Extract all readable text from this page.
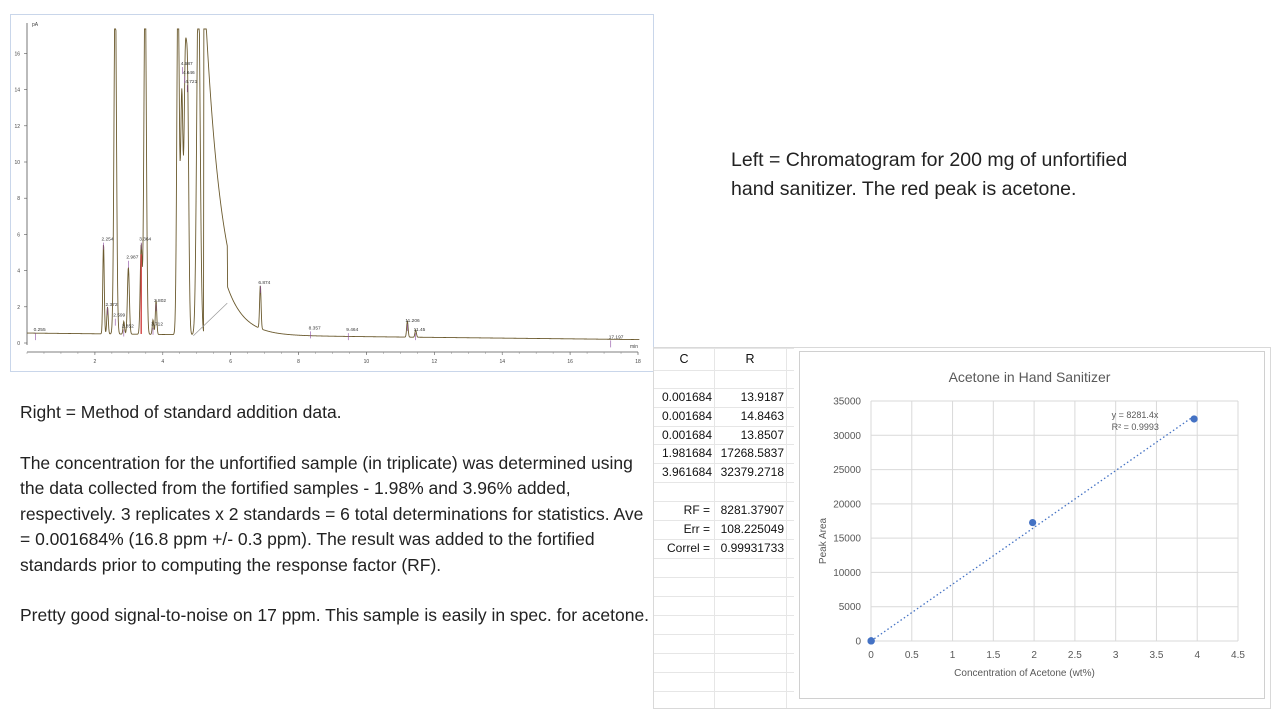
pA
min
16
14
12
10
8
6
4
2
0
2	4	6	8	10	12	14	16	18
0.255
2.254
2.372
2.599
2.852
2.987
3.364
3.712
3.802
4.587
4.646
4.721
6.874
8.357	9.464
11.206
11.45
17.197
Left = Chromatogram for 200 mg of unfortified hand sanitizer. The red peak is acetone.

Right = Method of standard addition data.

The concentration for the unfortified sample (in triplicate) was determined using the data collected from the fortified samples - 1.98% and 3.96% added, respectively. 3 replicates x 2 standards = 6 total determinations for statistics. Ave = 0.001684% (16.8 ppm +/- 0.3 ppm). The result was added to the fortified standards prior to computing the response factor (RF).

Pretty good signal-to-noise on 17 ppm. This sample is easily in spec. for acetone.

C	R
0.001684	13.9187
0.001684	14.8463
0.001684	13.8507
1.981684 17268.5837
3.961684 32379.2718
RF = 8281.37907
Err = 108.225049
Correl = 0.99931733
0	0.5	1	1.5	2	2.5	3	3.5	4	4.5
0
5000
10000
15000
20000
25000
30000
35000
Acetone in Hand Sanitizer
Concentration of Acetone (wt%)
Peak Area
y = 8281.4x
R² = 0.9993
